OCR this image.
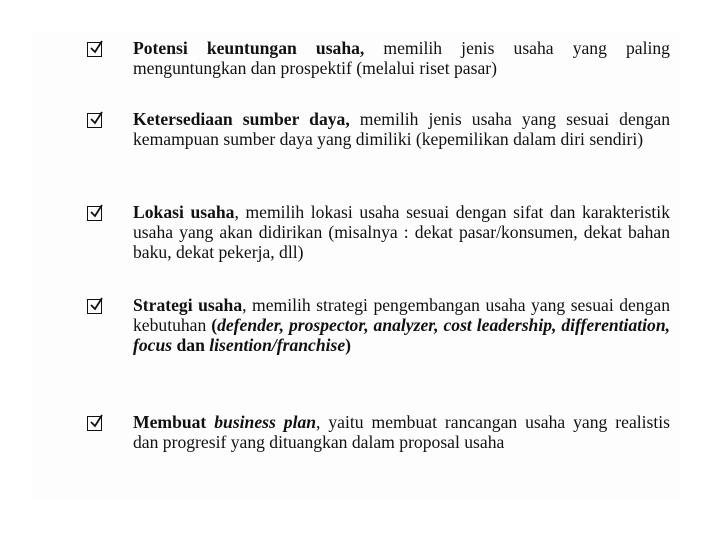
Potensi keuntungan usaha, memilih jenis usaha yang paling menguntungkan dan prospektif (melalui riset pasar)
Ketersediaan sumber daya, memilih jenis usaha yang sesuai dengan kemampuan sumber daya yang dimiliki (kepemilikan dalam diri sendiri)
Lokasi usaha, memilih lokasi usaha sesuai dengan sifat dan karakteristik usaha yang akan didirikan (misalnya : dekat pasar/konsumen, dekat bahan baku, dekat pekerja, dll)
Strategi usaha, memilih strategi pengembangan usaha yang sesuai dengan kebutuhan (defender, prospector, analyzer, cost leadership, differentiation, focus dan lisention/franchise)
Membuat business plan, yaitu membuat rancangan usaha yang realistis dan progresif yang dituangkan dalam proposal usaha
